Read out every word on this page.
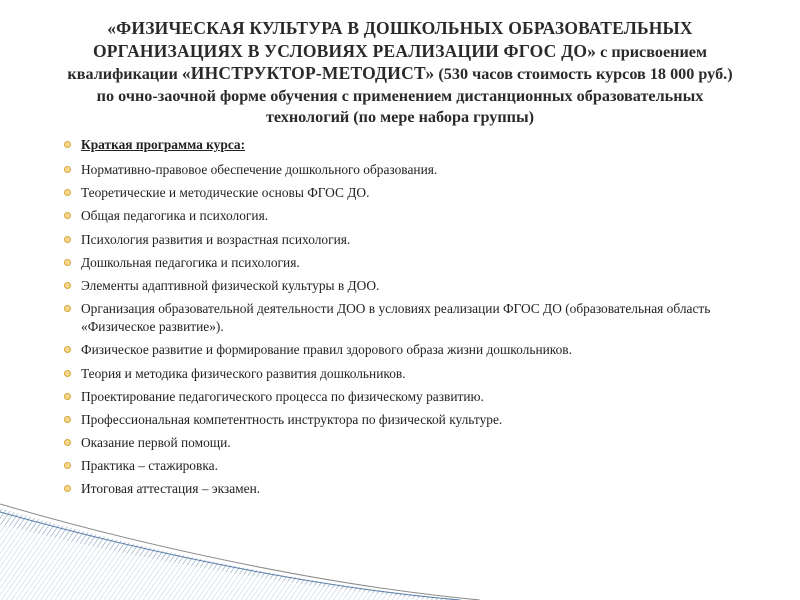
«ФИЗИЧЕСКАЯ КУЛЬТУРА В ДОШКОЛЬНЫХ ОБРАЗОВАТЕЛЬНЫХ ОРГАНИЗАЦИЯХ В УСЛОВИЯХ РЕАЛИЗАЦИИ ФГОС ДО» с присвоением квалификации «ИНСТРУКТОР-МЕТОДИСТ» (530 часов стоимость курсов 18 000 руб.) по очно-заочной форме обучения с применением дистанционных образовательных технологий (по мере набора группы)
Краткая программа курса:
Нормативно-правовое обеспечение дошкольного образования.
Теоретические и методические основы ФГОС ДО.
Общая педагогика и психология.
Психология развития и возрастная психология.
Дошкольная педагогика и психология.
Элементы адаптивной физической культуры в ДОО.
Организация образовательной деятельности ДОО в условиях реализации ФГОС ДО (образовательная область «Физическое развитие»).
Физическое развитие и формирование правил здорового образа жизни дошкольников.
Теория и методика физического развития дошкольников.
Проектирование педагогического процесса по физическому развитию.
Профессиональная компетентность инструктора по физической культуре.
Оказание первой помощи.
Практика – стажировка.
Итоговая аттестация – экзамен.
